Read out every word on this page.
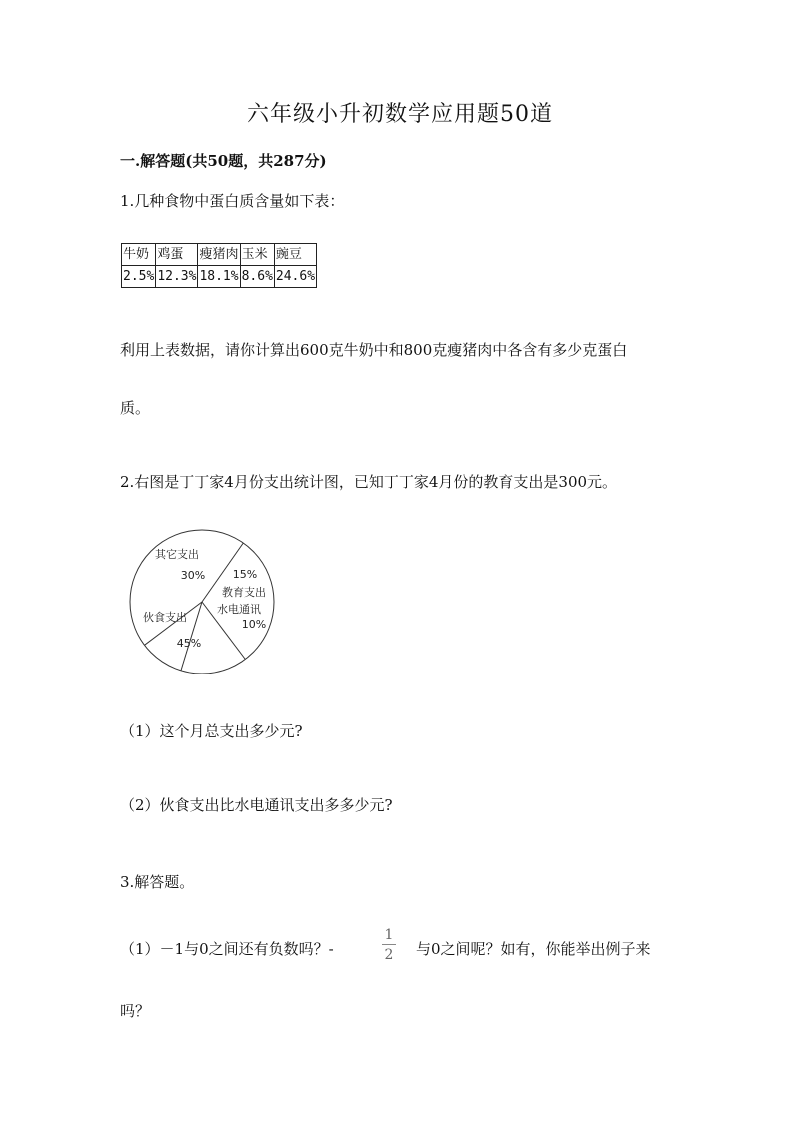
六年级小升初数学应用题50道
一.解答题(共50题，共287分)
1.几种食物中蛋白质含量如下表：
牛奶	鸡蛋	瘦猪肉	玉米	豌豆
2.5%	12.3%	18.1%	8.6%	24.6%
利用上表数据，请你计算出600克牛奶中和800克瘦猪肉中各含有多少克蛋白
质。
2.右图是丁丁家4月份支出统计图，已知丁丁家4月份的教育支出是300元。
其它支出
30%
教育支出
15%
水电通讯
10%
伙食支出
45%
（1）这个月总支出多少元?
（2）伙食支出比水电通讯支出多多少元?
3.解答题。
（1）－1与0之间还有负数吗？-
1
2	与0之间呢？如有，你能举出例子来
吗？
